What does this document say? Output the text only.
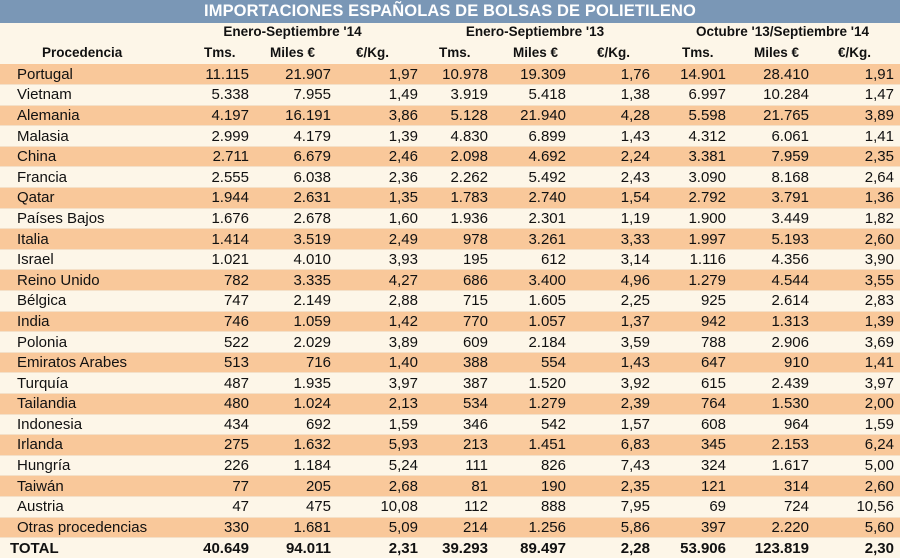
IMPORTACIONES ESPAÑOLAS DE BOLSAS DE POLIETILENO
Enero-Septiembre '14	Enero-Septiembre '13	Octubre '13/Septiembre '14
Procedencia	Tms.	Miles €	€/Kg.	Tms.	Miles €	€/Kg.	Tms.	Miles €	€/Kg.
Portugal	11.115	21.907	1,97	10.978	19.309	1,76	14.901	28.410	1,91
Vietnam	5.338	7.955	1,49	3.919	5.418	1,38	6.997	10.284	1,47
Alemania	4.197	16.191	3,86	5.128	21.940	4,28	5.598	21.765	3,89
Malasia	2.999	4.179	1,39	4.830	6.899	1,43	4.312	6.061	1,41
China	2.711	6.679	2,46	2.098	4.692	2,24	3.381	7.959	2,35
Francia	2.555	6.038	2,36	2.262	5.492	2,43	3.090	8.168	2,64
Qatar	1.944	2.631	1,35	1.783	2.740	1,54	2.792	3.791	1,36
Países Bajos	1.676	2.678	1,60	1.936	2.301	1,19	1.900	3.449	1,82
Italia	1.414	3.519	2,49	978	3.261	3,33	1.997	5.193	2,60
Israel	1.021	4.010	3,93	195	612	3,14	1.116	4.356	3,90
Reino Unido	782	3.335	4,27	686	3.400	4,96	1.279	4.544	3,55
Bélgica	747	2.149	2,88	715	1.605	2,25	925	2.614	2,83
India	746	1.059	1,42	770	1.057	1,37	942	1.313	1,39
Polonia	522	2.029	3,89	609	2.184	3,59	788	2.906	3,69
Emiratos Arabes	513	716	1,40	388	554	1,43	647	910	1,41
Turquía	487	1.935	3,97	387	1.520	3,92	615	2.439	3,97
Tailandia	480	1.024	2,13	534	1.279	2,39	764	1.530	2,00
Indonesia	434	692	1,59	346	542	1,57	608	964	1,59
Irlanda	275	1.632	5,93	213	1.451	6,83	345	2.153	6,24
Hungría	226	1.184	5,24	111	826	7,43	324	1.617	5,00
Taiwán	77	205	2,68	81	190	2,35	121	314	2,60
Austria	47	475	10,08	112	888	7,95	69	724	10,56
Otras procedencias	330	1.681	5,09	214	1.256	5,86	397	2.220	5,60
TOTAL	40.649	94.011	2,31	39.293	89.497	2,28	53.906	123.819	2,30
